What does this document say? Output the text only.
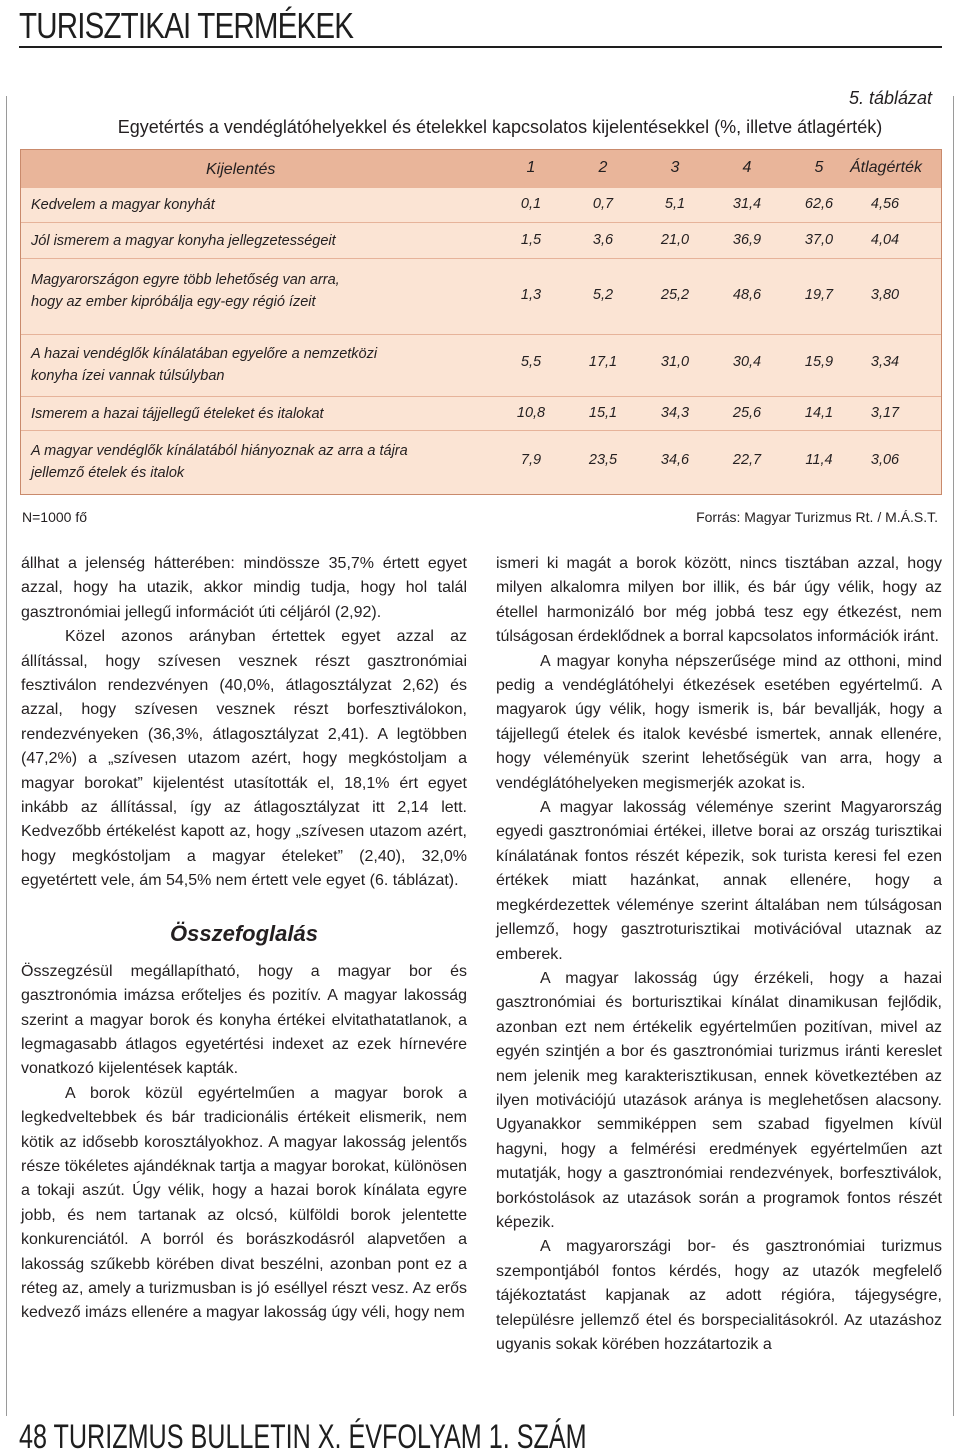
TURISZTIKAI TERMÉKEK
5. táblázat
Egyetértés a vendéglátóhelyekkel és ételekkel kapcsolatos kijelentésekkel (%, illetve átlagérték)
Kijelentés	1	2	3	4	5	Átlagérték
Kedvelem a magyar konyhát	0,1	0,7	5,1	31,4	62,6	4,56
Jól ismerem a magyar konyha jellegzetességeit	1,5	3,6	21,0	36,9	37,0	4,04
Magyarországon egyre több lehetőség van arra,
hogy az ember kipróbálja egy-egy régió ízeit	1,3	5,2	25,2	48,6	19,7	3,80
A hazai vendéglők kínálatában egyelőre a nemzetközi
konyha ízei vannak túlsúlyban
5,5	17,1	31,0	30,4	15,9	3,34
Ismerem a hazai tájjellegű ételeket és italokat	10,8	15,1	34,3	25,6	14,1	3,17
A magyar vendéglők kínálatából hiányoznak az arra a tájra
jellemző ételek és italok
7,9	23,5	34,6	22,7	11,4	3,06
N=1000 fő	Forrás: Magyar Turizmus Rt. / M.Á.S.T.

állhat a jelenség hátterében: mindössze 35,7% értett egyet azzal, hogy ha utazik, akkor mindig tudja, hogy hol talál gasztronómiai jellegű információt úti céljáról (2,92).

Közel azonos arányban értettek egyet azzal az állítással, hogy szívesen vesznek részt gasztronómiai fesztiválon rendezvényen (40,0%, átlagosztályzat 2,62) és azzal, hogy szívesen vesznek részt borfesztiválokon, rendezvényeken (36,3%, átlagosztályzat 2,41). A legtöbben (47,2%) a „szívesen utazom azért, hogy megkóstoljam a magyar borokat” kijelentést utasították el, 18,1% ért egyet inkább az állítással, így az átlagosztályzat itt 2,14 lett. Kedvezőbb értékelést kapott az, hogy „szívesen utazom azért, hogy megkóstoljam a magyar ételeket” (2,40), 32,0% egyetértett vele, ám 54,5% nem értett vele egyet (6. táblázat).

Összefoglalás

Összegzésül megállapítható, hogy a magyar bor és gasztronómia imázsa erőteljes és pozitív. A magyar lakosság szerint a magyar borok és konyha értékei elvitathatatlanok, a legmagasabb átlagos egyetértési indexet az ezek hírnevére vonatkozó kijelentések kapták.

A borok közül egyértelműen a magyar borok a legkedveltebbek és bár tradicionális értékeit elismerik, nem kötik az idősebb korosztályokhoz. A magyar lakosság jelentős része tökéletes ajándéknak tartja a magyar borokat, különösen a tokaji aszút. Úgy vélik, hogy a hazai borok kínálata egyre jobb, és nem tartanak az olcsó, külföldi borok jelentette konkurenciától. A borról és borászkodásról alapvetően a lakosság szűkebb körében divat beszélni, azonban pont ez a réteg az, amely a turizmusban is jó eséllyel részt vesz. Az erős kedvező imázs ellenére a magyar lakosság úgy véli, hogy nem

ismeri ki magát a borok között, nincs tisztában azzal, hogy milyen alkalomra milyen bor illik, és bár úgy vélik, hogy az étellel harmonizáló bor még jobbá tesz egy étkezést, nem túlságosan érdeklődnek a borral kapcsolatos információk iránt.

A magyar konyha népszerűsége mind az otthoni, mind pedig a vendéglátóhelyi étkezések esetében egyértelmű. A magyarok úgy vélik, hogy ismerik is, bár bevallják, hogy a tájjellegű ételek és italok kevésbé ismertek, annak ellenére, hogy véleményük szerint lehetőségük van arra, hogy a vendéglátóhelyeken megismerjék azokat is.

A magyar lakosság véleménye szerint Magyarország egyedi gasztronómiai értékei, illetve borai az ország turisztikai kínálatának fontos részét képezik, sok turista keresi fel ezen értékek miatt hazánkat, annak ellenére, hogy a megkérdezettek véleménye szerint általában nem túlságosan jellemző, hogy gasztroturisztikai motivációval utaznak az emberek.

A magyar lakosság úgy érzékeli, hogy a hazai gasztronómiai és borturisztikai kínálat dinamikusan fejlődik, azonban ezt nem értékelik egyértelműen pozitívan, mivel az egyén szintjén a bor és gasztronómiai turizmus iránti kereslet nem jelenik meg karakterisztikusan, ennek következtében az ilyen motivációjú utazások aránya is meglehetősen alacsony. Ugyanakkor semmiképpen sem szabad figyelmen kívül hagyni, hogy a felmérési eredmények egyértelműen azt mutatják, hogy a gasztronómiai rendezvények, borfesztiválok, borkóstolások az utazások során a programok fontos részét képezik.

A magyarországi bor- és gasztronómiai turizmus szempontjából fontos kérdés, hogy az utazók megfelelő tájékoztatást kapjanak az adott régióra, tájegységre, településre jellemző étel és borspecialitásokról. Az utazáshoz ugyanis sokak körében hozzátartozik a

48 TURIZMUS BULLETIN X. ÉVFOLYAM 1. SZÁM
